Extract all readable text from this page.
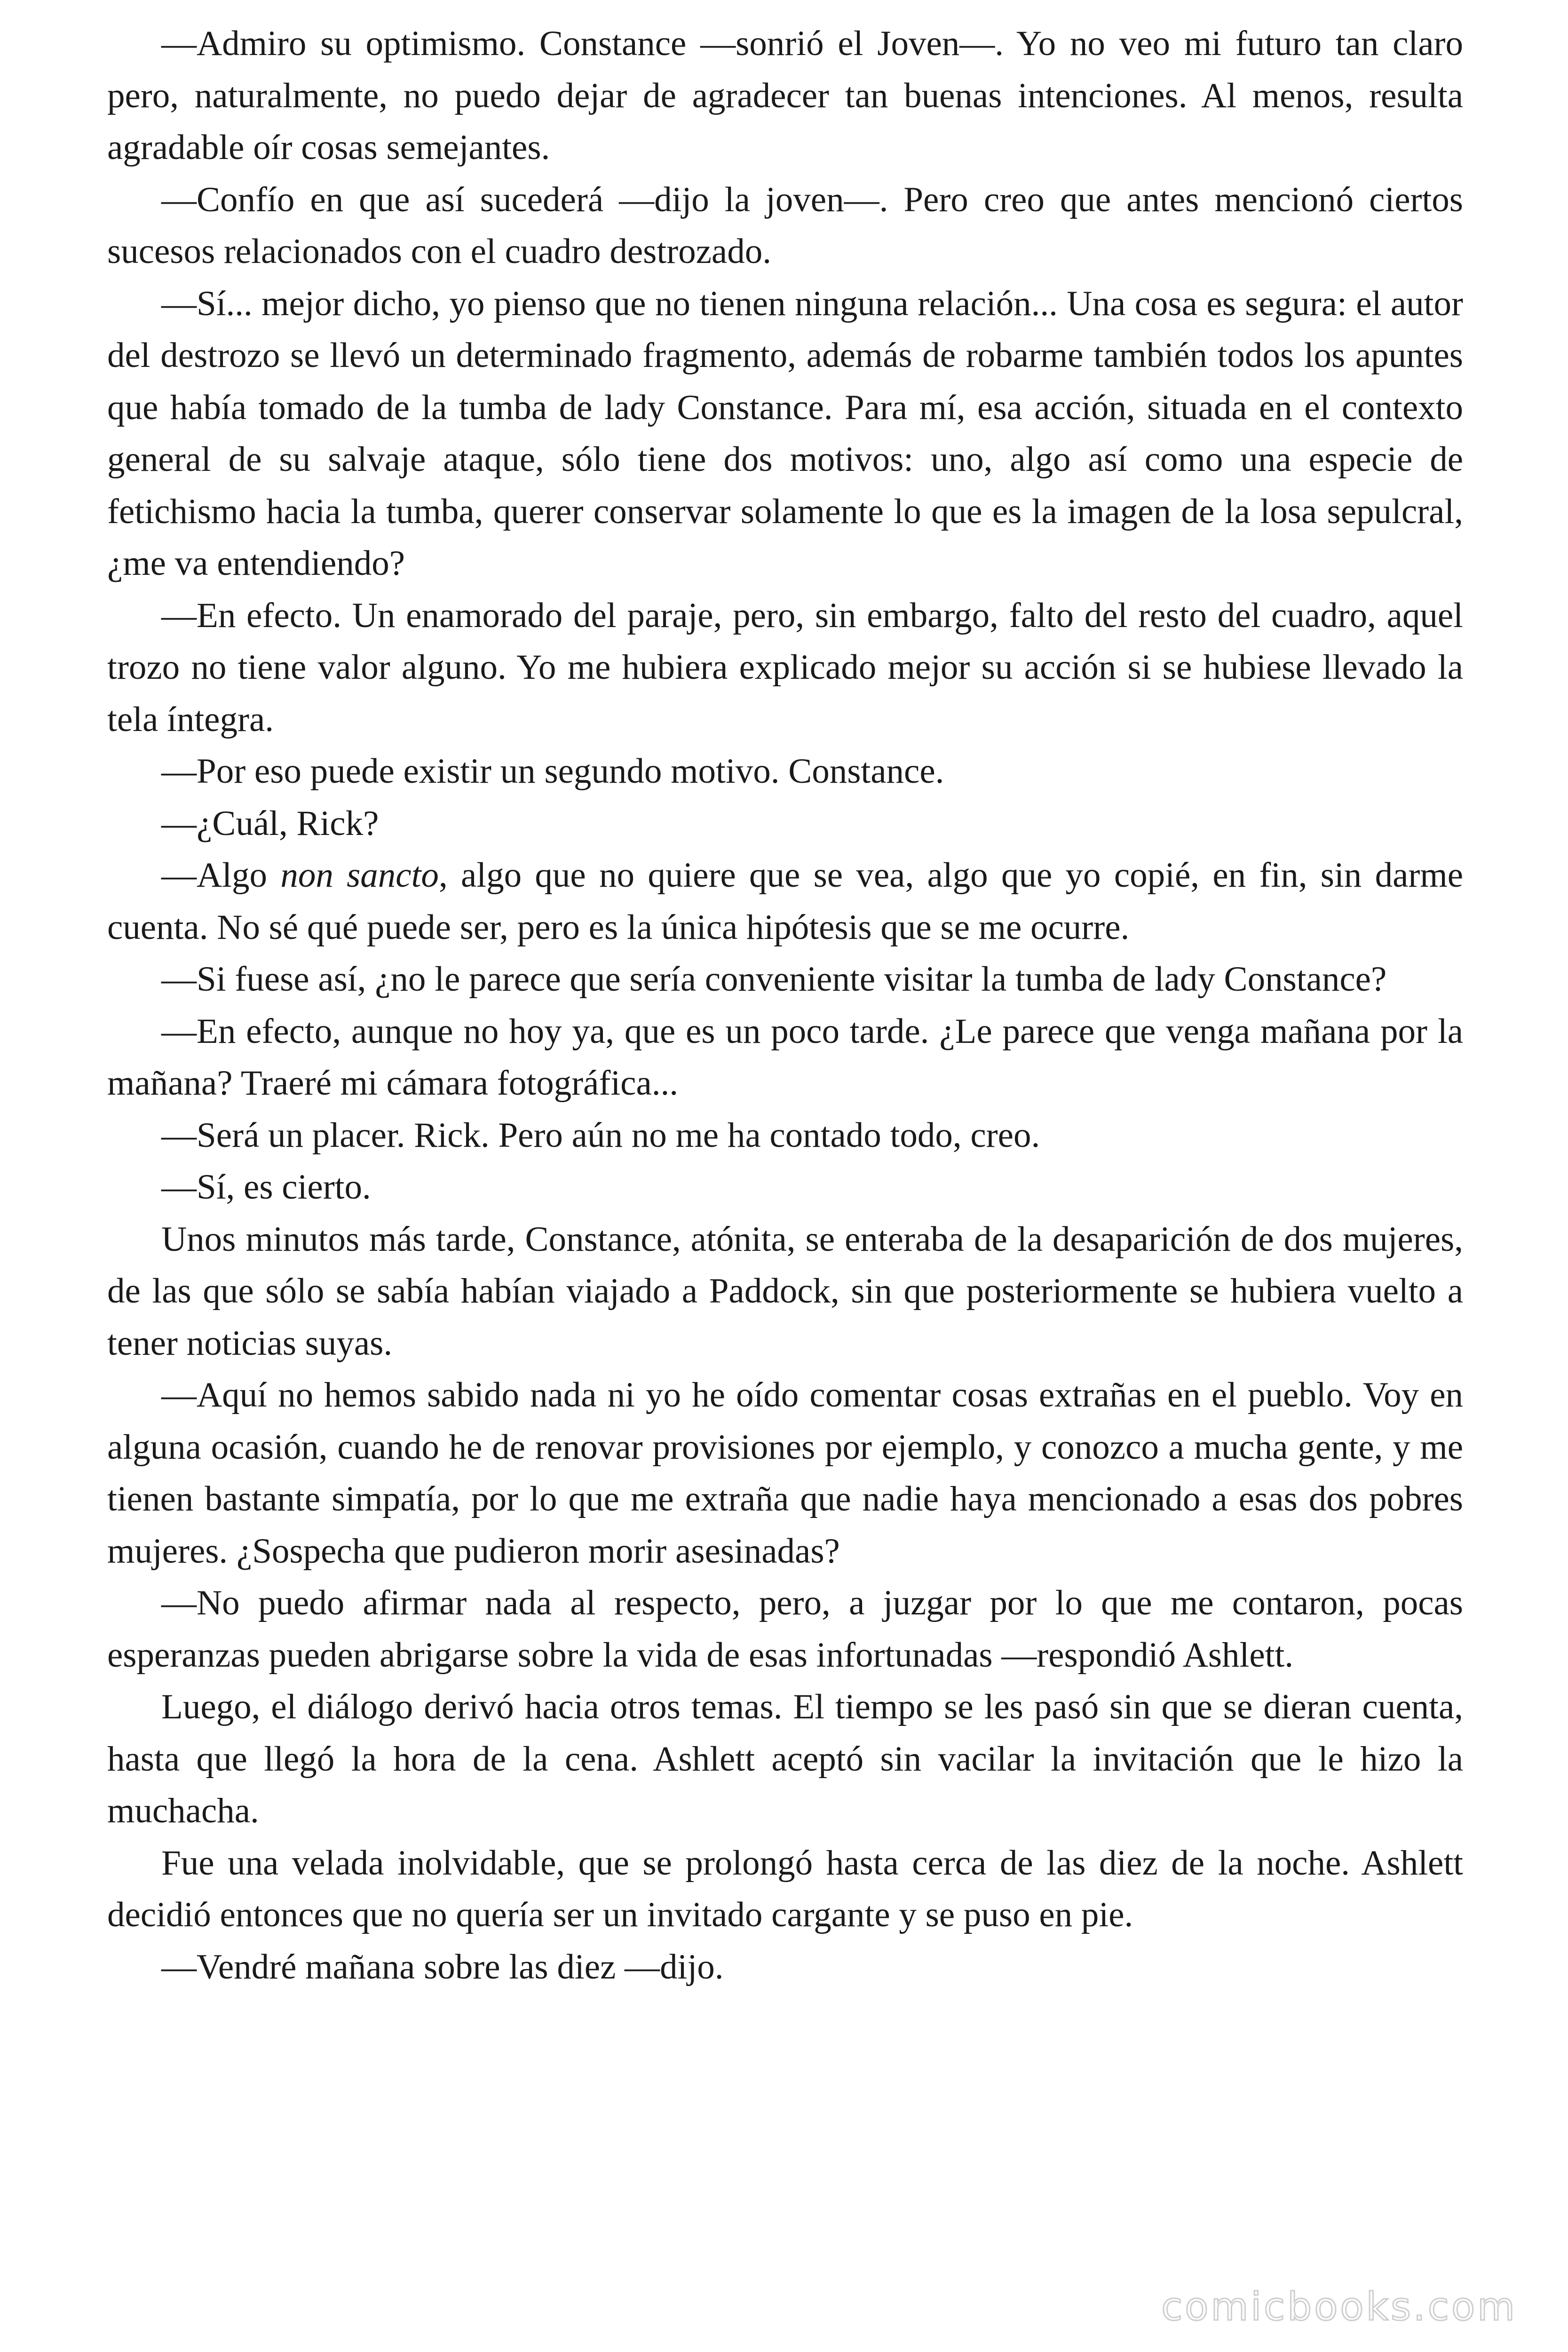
—Admiro su optimismo. Constance —sonrió el Joven—. Yo no veo mi futuro tan claro pero, naturalmente, no puedo dejar de agradecer tan buenas intenciones. Al menos, resulta agradable oír cosas semejantes.

—Confío en que así sucederá —dijo la joven—. Pero creo que antes mencionó ciertos sucesos relacionados con el cuadro destrozado.

—Sí... mejor dicho, yo pienso que no tienen ninguna relación... Una cosa es segura: el autor del destrozo se llevó un determinado fragmento, además de robarme también todos los apuntes que había tomado de la tumba de lady Constance. Para mí, esa acción, situada en el contexto general de su salvaje ataque, sólo tiene dos motivos: uno, algo así como una especie de fetichismo hacia la tumba, querer conservar solamente lo que es la imagen de la losa sepulcral, ¿me va entendiendo?

—En efecto. Un enamorado del paraje, pero, sin embargo, falto del resto del cuadro, aquel trozo no tiene valor alguno. Yo me hubiera explicado mejor su acción si se hubiese llevado la tela íntegra.

—Por eso puede existir un segundo motivo. Constance.

—¿Cuál, Rick?

—Algo non sancto, algo que no quiere que se vea, algo que yo copié, en fin, sin darme cuenta. No sé qué puede ser, pero es la única hipótesis que se me ocurre.

—Si fuese así, ¿no le parece que sería conveniente visitar la tumba de lady Constance?

—En efecto, aunque no hoy ya, que es un poco tarde. ¿Le parece que venga mañana por la mañana? Traeré mi cámara fotográfica...

—Será un placer. Rick. Pero aún no me ha contado todo, creo.

—Sí, es cierto.

Unos minutos más tarde, Constance, atónita, se enteraba de la desaparición de dos mujeres, de las que sólo se sabía habían viajado a Paddock, sin que posteriormente se hubiera vuelto a tener noticias suyas.

—Aquí no hemos sabido nada ni yo he oído comentar cosas extrañas en el pueblo. Voy en alguna ocasión, cuando he de renovar provisiones por ejemplo, y conozco a mucha gente, y me tienen bastante simpatía, por lo que me extraña que nadie haya mencionado a esas dos pobres mujeres. ¿Sospecha que pudieron morir asesinadas?

—No puedo afirmar nada al respecto, pero, a juzgar por lo que me contaron, pocas esperanzas pueden abrigarse sobre la vida de esas infortunadas —respondió Ashlett.

Luego, el diálogo derivó hacia otros temas. El tiempo se les pasó sin que se dieran cuenta, hasta que llegó la hora de la cena. Ashlett aceptó sin vacilar la invitación que le hizo la muchacha.

Fue una velada inolvidable, que se prolongó hasta cerca de las diez de la noche. Ashlett decidió entonces que no quería ser un invitado cargante y se puso en pie.

—Vendré mañana sobre las diez —dijo.

comicbooks.com
